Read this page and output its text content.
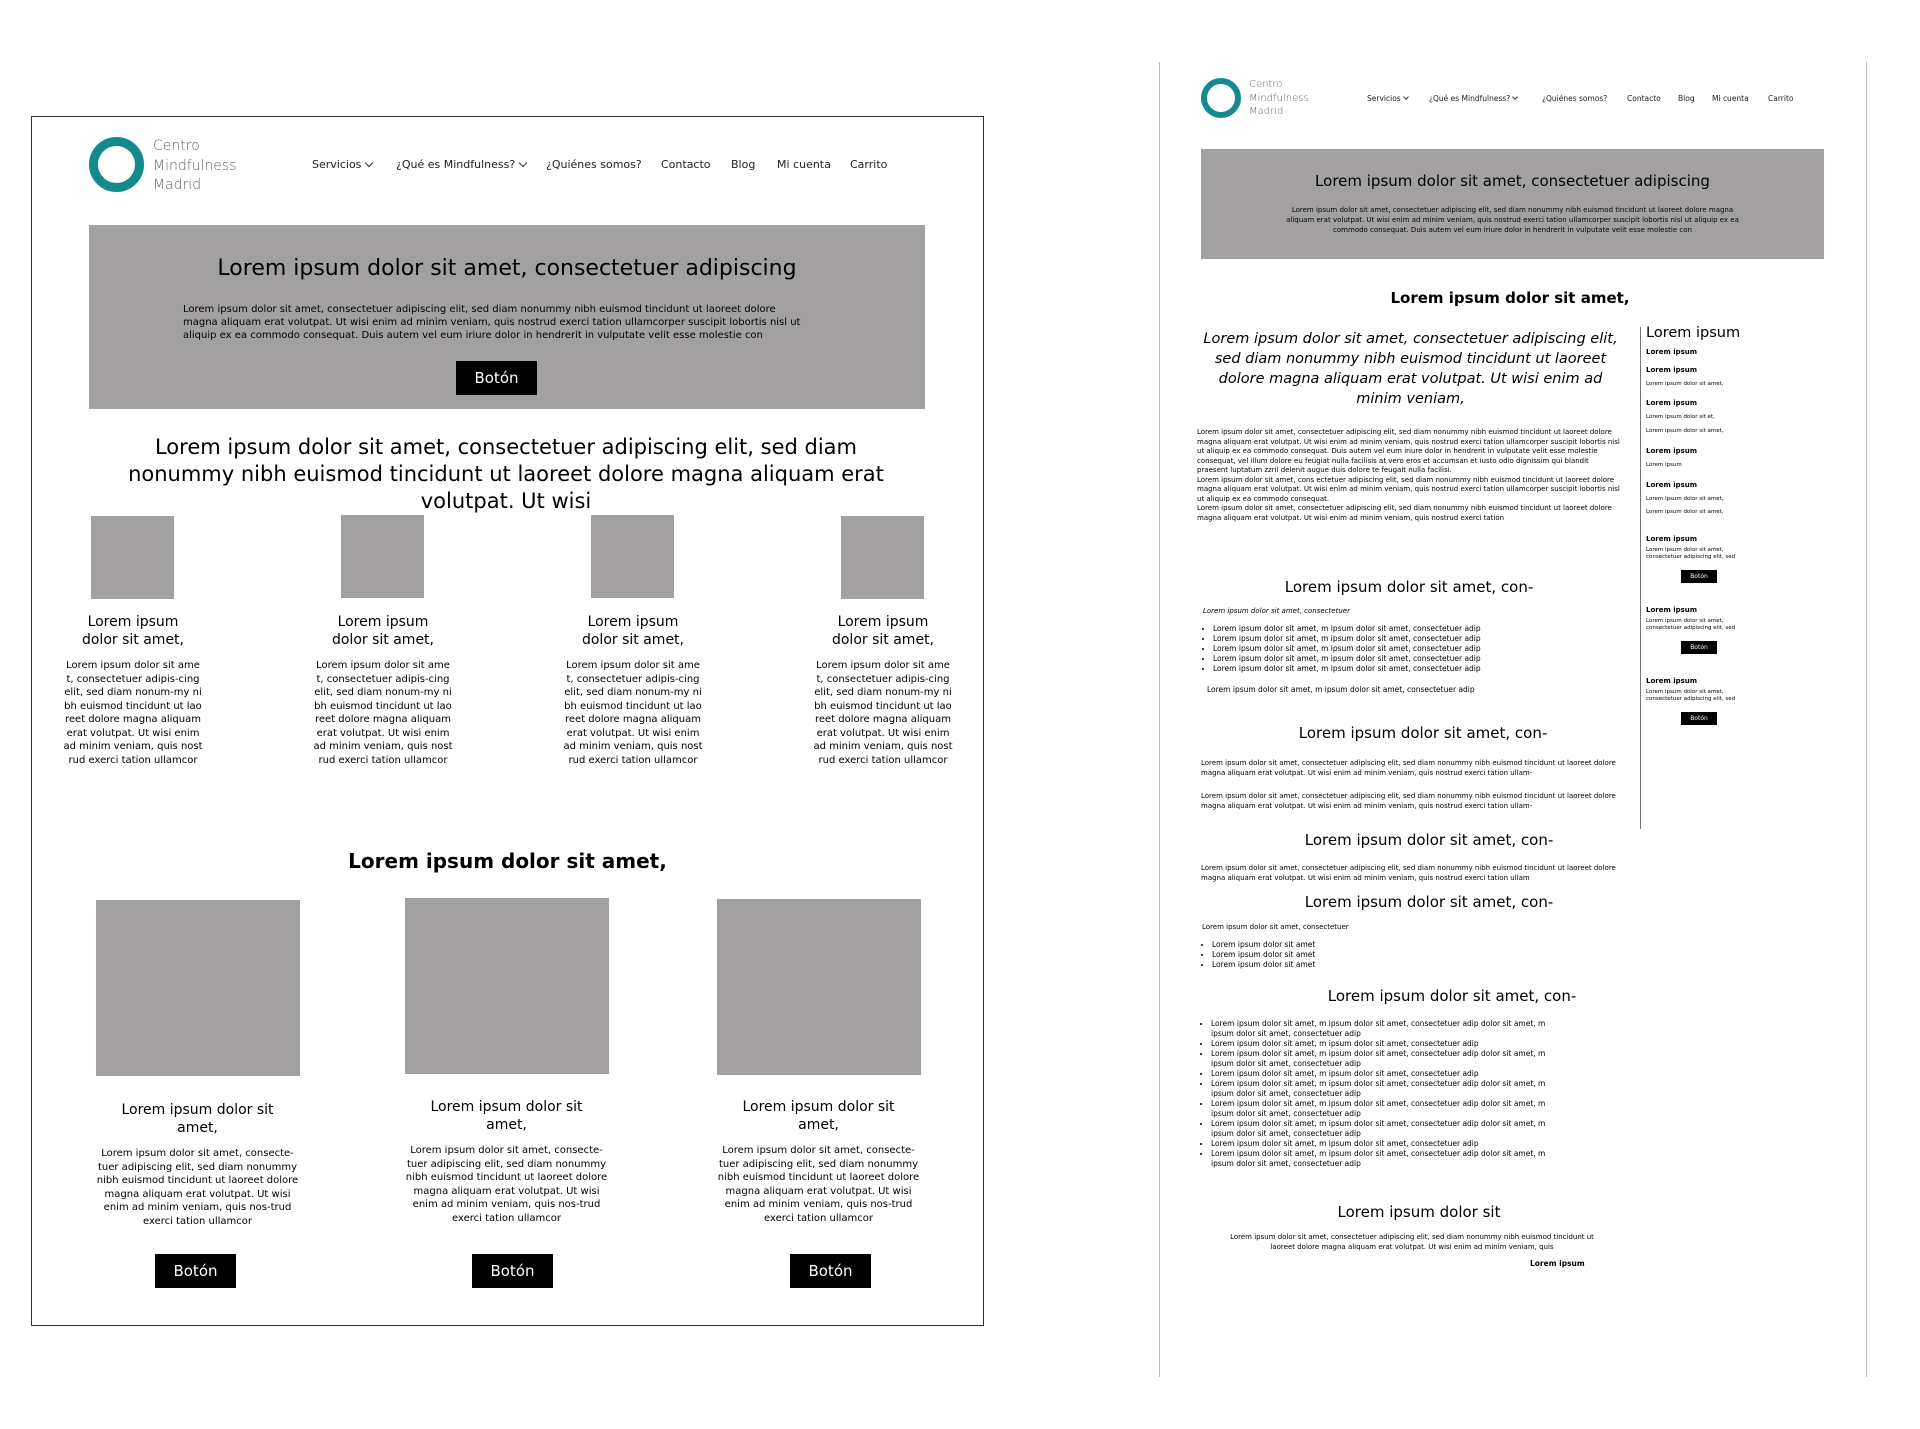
Centro
Mindfulness
Madrid
Servicios	¿Qué es Mindfulness?	¿Quiénes somos? Contacto Blog Mi cuenta Carrito
Lorem ipsum dolor sit amet, consectetuer adipiscing
Lorem ipsum dolor sit amet, consectetuer adipiscing elit, sed diam nonummy nibh euismod tincidunt ut laoreet dolore magna aliquam erat volutpat. Ut wisi enim ad minim veniam, quis nostrud exerci tation ullamcorper suscipit lobortis nisl ut aliquip ex ea commodo consequat. Duis autem vel eum iriure dolor in hendrerit in vulputate velit esse molestie con
Botón
Lorem ipsum dolor sit amet, consectetuer adipiscing elit, sed diam nonummy nibh euismod tincidunt ut laoreet dolore magna aliquam erat volutpat. Ut wisi
Lorem ipsum dolor sit amet,
Lorem ipsum dolor sit amet,
Lorem ipsum dolor sit amet,
Lorem ipsum dolor sit amet,
Lorem ipsum dolor sit amet, consectetuer adipis-cing elit, sed diam nonum-my nibh euismod tincidunt ut laoreet dolore magna aliquam erat volutpat. Ut wisi enim ad minim veniam, quis nostrud exerci tation ullamcor
Lorem ipsum dolor sit amet, consectetuer adipis-cing elit, sed diam nonum-my nibh euismod tincidunt ut laoreet dolore magna aliquam erat volutpat. Ut wisi enim ad minim veniam, quis nostrud exerci tation ullamcor
Lorem ipsum dolor sit amet, consectetuer adipis-cing elit, sed diam nonum-my nibh euismod tincidunt ut laoreet dolore magna aliquam erat volutpat. Ut wisi enim ad minim veniam, quis nostrud exerci tation ullamcor
Lorem ipsum dolor sit amet, consectetuer adipis-cing elit, sed diam nonum-my nibh euismod tincidunt ut laoreet dolore magna aliquam erat volutpat. Ut wisi enim ad minim veniam, quis nostrud exerci tation ullamcor
Lorem ipsum dolor sit amet,
Lorem ipsum dolor sit amet,
Lorem ipsum dolor sit amet,
Lorem ipsum dolor sit amet,
Lorem ipsum dolor sit amet, consecte-tuer adipiscing elit, sed diam nonummy nibh euismod tincidunt ut laoreet dolore magna aliquam erat volutpat. Ut wisi enim ad minim veniam, quis nos-trud exerci tation ullamcor
Lorem ipsum dolor sit amet, consecte-tuer adipiscing elit, sed diam nonummy nibh euismod tincidunt ut laoreet dolore magna aliquam erat volutpat. Ut wisi enim ad minim veniam, quis nos-trud exerci tation ullamcor
Lorem ipsum dolor sit amet, consecte-tuer adipiscing elit, sed diam nonummy nibh euismod tincidunt ut laoreet dolore magna aliquam erat volutpat. Ut wisi enim ad minim veniam, quis nos-trud exerci tation ullamcor
Botón	Botón	Botón
Centro
Mindfulness
Madrid
Servicios	¿Qué es Mindfulness?	¿Quiénes somos?	Contacto Blog Mi cuenta	Carrito
Lorem ipsum dolor sit amet, consectetuer adipiscing
Lorem ipsum dolor sit amet, consectetuer adipiscing elit, sed diam nonummy nibh euismod tincidunt ut laoreet dolore magna aliquam erat volutpat. Ut wisi enim ad minim veniam, quis nostrud exerci tation ullamcorper suscipit lobortis nisl ut aliquip ex ea commodo consequat. Duis autem vel eum iriure dolor in hendrerit in vulputate velit esse molestie con
Lorem ipsum dolor sit amet,
Lorem ipsum dolor sit amet, consectetuer adipiscing elit, sed diam nonummy nibh euismod tincidunt ut laoreet dolore magna aliquam erat volutpat. Ut wisi enim ad minim veniam,
Lorem ipsum dolor sit amet, consectetuer adipiscing elit, sed diam nonummy nibh euismod tincidunt ut laoreet dolore magna aliquam erat volutpat. Ut wisi enim ad minim veniam, quis nostrud exerci tation ullamcorper suscipit lobortis nisl ut aliquip ex ea commodo consequat. Duis autem vel eum iriure dolor in hendrerit in vulputate velit esse molestie consequat, vel illum dolore eu feugiat nulla facilisis at vero eros et accumsan et iusto odio dignissim qui blandit praesent luptatum zzril delenit augue duis dolore te feugait nulla facilisi.
Lorem ipsum dolor sit amet, cons ectetuer adipiscing elit, sed diam nonummy nibh euismod tincidunt ut laoreet dolore magna aliquam erat volutpat. Ut wisi enim ad minim veniam, quis nostrud exerci tation ullamcorper suscipit lobortis nisl ut aliquip ex ea commodo consequat.
Lorem ipsum dolor sit amet, consectetuer adipiscing elit, sed diam nonummy nibh euismod tincidunt ut laoreet dolore magna aliquam erat volutpat. Ut wisi enim ad minim veniam, quis nostrud exerci tation
Lorem ipsum dolor sit amet, con-
Lorem ipsum dolor sit amet, consectetuer
• Lorem ipsum dolor sit amet, m ipsum dolor sit amet, consectetuer adip
• Lorem ipsum dolor sit amet, m ipsum dolor sit amet, consectetuer adip
• Lorem ipsum dolor sit amet, m ipsum dolor sit amet, consectetuer adip
• Lorem ipsum dolor sit amet, m ipsum dolor sit amet, consectetuer adip
• Lorem ipsum dolor sit amet, m ipsum dolor sit amet, consectetuer adip
Lorem ipsum dolor sit amet, m ipsum dolor sit amet, consectetuer adip
Lorem ipsum dolor sit amet, con-
Lorem ipsum dolor sit amet, consectetuer adipiscing elit, sed diam nonummy nibh euismod tincidunt ut laoreet dolore magna aliquam erat volutpat. Ut wisi enim ad minim veniam, quis nostrud exerci tation ullam-
Lorem ipsum dolor sit amet, consectetuer adipiscing elit, sed diam nonummy nibh euismod tincidunt ut laoreet dolore magna aliquam erat volutpat. Ut wisi enim ad minim veniam, quis nostrud exerci tation ullam-
Lorem ipsum dolor sit amet, con-
Lorem ipsum dolor sit amet, consectetuer adipiscing elit, sed diam nonummy nibh euismod tincidunt ut laoreet dolore magna aliquam erat volutpat. Ut wisi enim ad minim veniam, quis nostrud exerci tation ullam
Lorem ipsum dolor sit amet, con-
Lorem ipsum dolor sit amet, consectetuer
• Lorem ipsum dolor sit amet
• Lorem ipsum dolor sit amet
• Lorem ipsum dolor sit amet
Lorem ipsum dolor sit amet, con-
• Lorem ipsum dolor sit amet, m ipsum dolor sit amet, consectetuer adip dolor sit amet, m ipsum dolor sit amet, consectetuer adip
• Lorem ipsum dolor sit amet, m ipsum dolor sit amet, consectetuer adip
• Lorem ipsum dolor sit amet, m ipsum dolor sit amet, consectetuer adip dolor sit amet, m ipsum dolor sit amet, consectetuer adip
• Lorem ipsum dolor sit amet, m ipsum dolor sit amet, consectetuer adip
• Lorem ipsum dolor sit amet, m ipsum dolor sit amet, consectetuer adip dolor sit amet, m ipsum dolor sit amet, consectetuer adip
• Lorem ipsum dolor sit amet, m ipsum dolor sit amet, consectetuer adip dolor sit amet, m ipsum dolor sit amet, consectetuer adip
• Lorem ipsum dolor sit amet, m ipsum dolor sit amet, consectetuer adip dolor sit amet, m ipsum dolor sit amet, consectetuer adip
• Lorem ipsum dolor sit amet, m ipsum dolor sit amet, consectetuer adip
• Lorem ipsum dolor sit amet, m ipsum dolor sit amet, consectetuer adip dolor sit amet, m ipsum dolor sit amet, consectetuer adip
Lorem ipsum dolor sit
Lorem ipsum dolor sit amet, consectetuer adipiscing elit, sed diam nonummy nibh euismod tincidunt ut laoreet dolore magna aliquam erat volutpat. Ut wisi enim ad minim veniam, quis
Lorem ipsum
Lorem ipsum
Lorem ipsum
Lorem ipsum
Lorem ipsum dolor sit amet,
Lorem ipsum
Lorem ipsum dolor sit et,
Lorem ipsum dolor sit amet,
Lorem ipsum
Lorem ipsum
Lorem ipsum
Lorem ipsum dolor sit amet,
Lorem ipsum dolor sit amet,
Lorem ipsum
Lorem ipsum dolor sit amet, consectetuer adipiscing elit, sed
Botón
Lorem ipsum
Lorem ipsum dolor sit amet, consectetuer adipiscing elit, sed
Botón
Lorem ipsum
Lorem ipsum dolor sit amet, consectetuer adipiscing elit, sed
Botón
